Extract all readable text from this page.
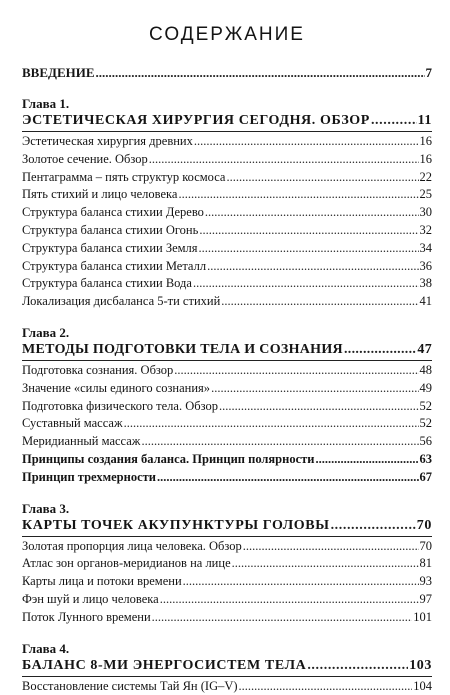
СОДЕРЖАНИЕ
ВВЕДЕНИЕ .....	7
Глава 1.
ЭСТЕТИЧЕСКАЯ ХИРУРГИЯ СЕГОДНЯ. ОБЗОР .....	11
Эстетическая хирургия древних .....	16
Золотое сечение. Обзор .....	16
Пентаграмма – пять структур космоса .....	22
Пять стихий и лицо человека .....	25
Структура баланса стихии Дерево .....	30
Структура баланса стихии Огонь .....	32
Структура баланса стихии Земля .....	34
Структура баланса стихии Металл .....	36
Структура баланса стихии Вода .....	38
Локализация дисбаланса 5-ти стихий .....	41
Глава 2.
МЕТОДЫ ПОДГОТОВКИ ТЕЛА И СОЗНАНИЯ .....	47
Подготовка сознания. Обзор .....	48
Значение «силы единого сознания» .....	49
Подготовка физического тела. Обзор .....	52
Суставный массаж .....	52
Меридианный массаж .....	56
Принципы создания баланса. Принцип полярности .....	63
Принцип трехмерности .....	67
Глава 3.
КАРТЫ ТОЧЕК АКУПУНКТУРЫ ГОЛОВЫ .....	70
Золотая пропорция лица человека. Обзор .....	70
Атлас зон органов-меридианов на лице .....	81
Карты лица и потоки времени .....	93
Фэн шуй и лицо человека .....	97
Поток Лунного времени .....	101
Глава 4.
БАЛАНС 8-МИ ЭНЕРГОСИСТЕМ ТЕЛА .....	103
Восстановление системы Тай Ян (IG–V) .....	104
